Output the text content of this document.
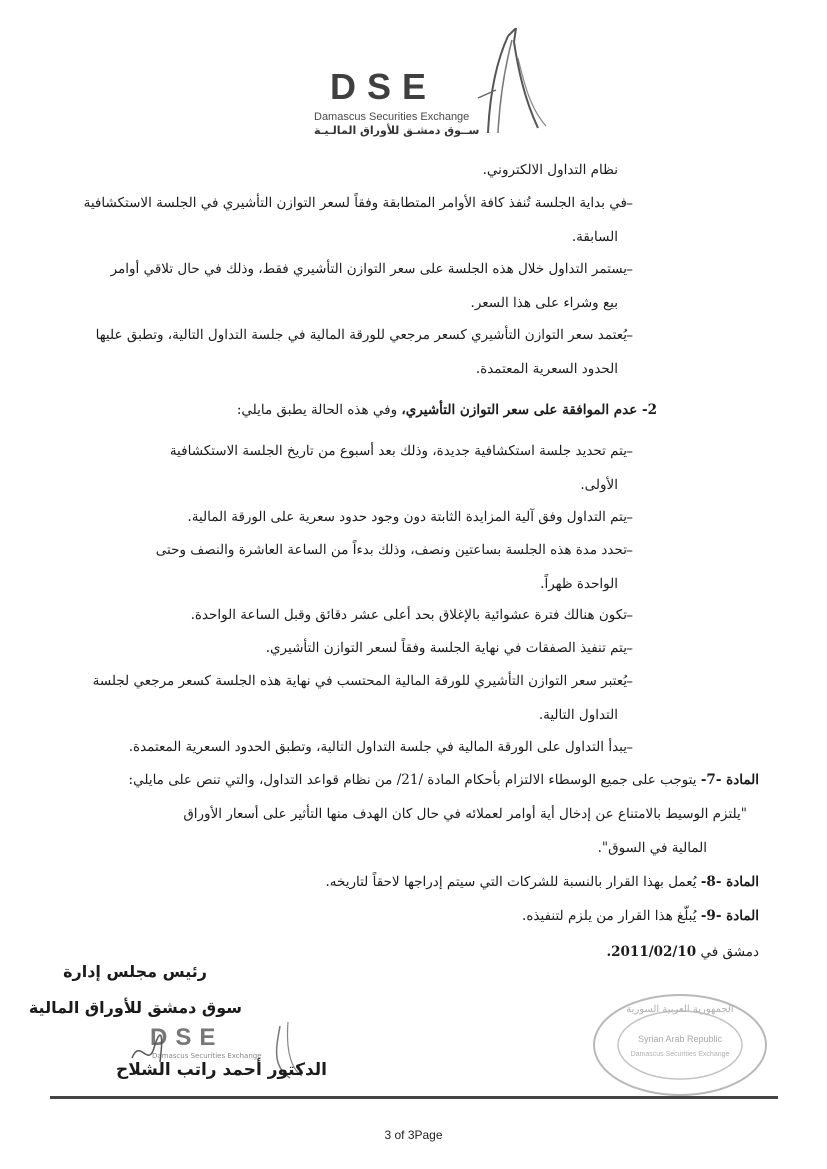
DSE
Damascus Securities Exchange
ســوق دمشـق للأوراق المالـيـة
نظام التداول الالكتروني.
–
في بداية الجلسة تُنفذ كافة الأوامر المتطابقة وفقاً لسعر التوازن التأشيري في الجلسة الاستكشافية
السابقة.
–
يستمر التداول خلال هذه الجلسة على سعر التوازن التأشيري فقط، وذلك في حال تلاقي أوامر
بيع وشراء على هذا السعر.
–
يُعتمد سعر التوازن التأشيري كسعر مرجعي للورقة المالية في جلسة التداول التالية، وتطبق عليها
الحدود السعرية المعتمدة.
2- عدم الموافقة على سعر التوازن التأشيري، وفي هذه الحالة يطبق مايلي:
–
يتم تحديد جلسة استكشافية جديدة، وذلك بعد أسبوع من تاريخ الجلسة الاستكشافية
الأولى.
–
يتم التداول وفق آلية المزايدة الثابتة دون وجود حدود سعرية على الورقة المالية.
–
تحدد مدة هذه الجلسة بساعتين ونصف، وذلك بدءاً من الساعة العاشرة والنصف وحتى
الواحدة ظهراً.
–
تكون هنالك فترة عشوائية بالإغلاق بحد أعلى عشر دقائق وقبل الساعة الواحدة.
–
يتم تنفيذ الصفقات في نهاية الجلسة وفقاً لسعر التوازن التأشيري.
–
يُعتبر سعر التوازن التأشيري للورقة المالية المحتسب في نهاية هذه الجلسة كسعر مرجعي لجلسة
التداول التالية.
–
يبدأ التداول على الورقة المالية في جلسة التداول التالية، وتطبق الحدود السعرية المعتمدة.
المادة -7- يتوجب على جميع الوسطاء الالتزام بأحكام المادة /21/ من نظام قواعد التداول، والتي تنص على مايلي:
"يلتزم الوسيط بالامتناع عن إدخال أية أوامر لعملائه في حال كان الهدف منها التأثير على أسعار الأوراق
المالية في السوق".
المادة -8- يُعمل بهذا القرار بالنسبة للشركات التي سيتم إدراجها لاحقاً لتاريخه.
المادة -9- يُبلّغ هذا القرار من يلزم لتنفيذه.
دمشق في 2011/02/10.
رئيس مجلس إدارة
سوق دمشق للأوراق المالية
DSE
Damascus Securities Exchange
الدكتور أحمد راتب الشلاح
الجمهورية العربية السورية
Syrian Arab Republic
Damascus Securities Exchange
3 of 3Page
